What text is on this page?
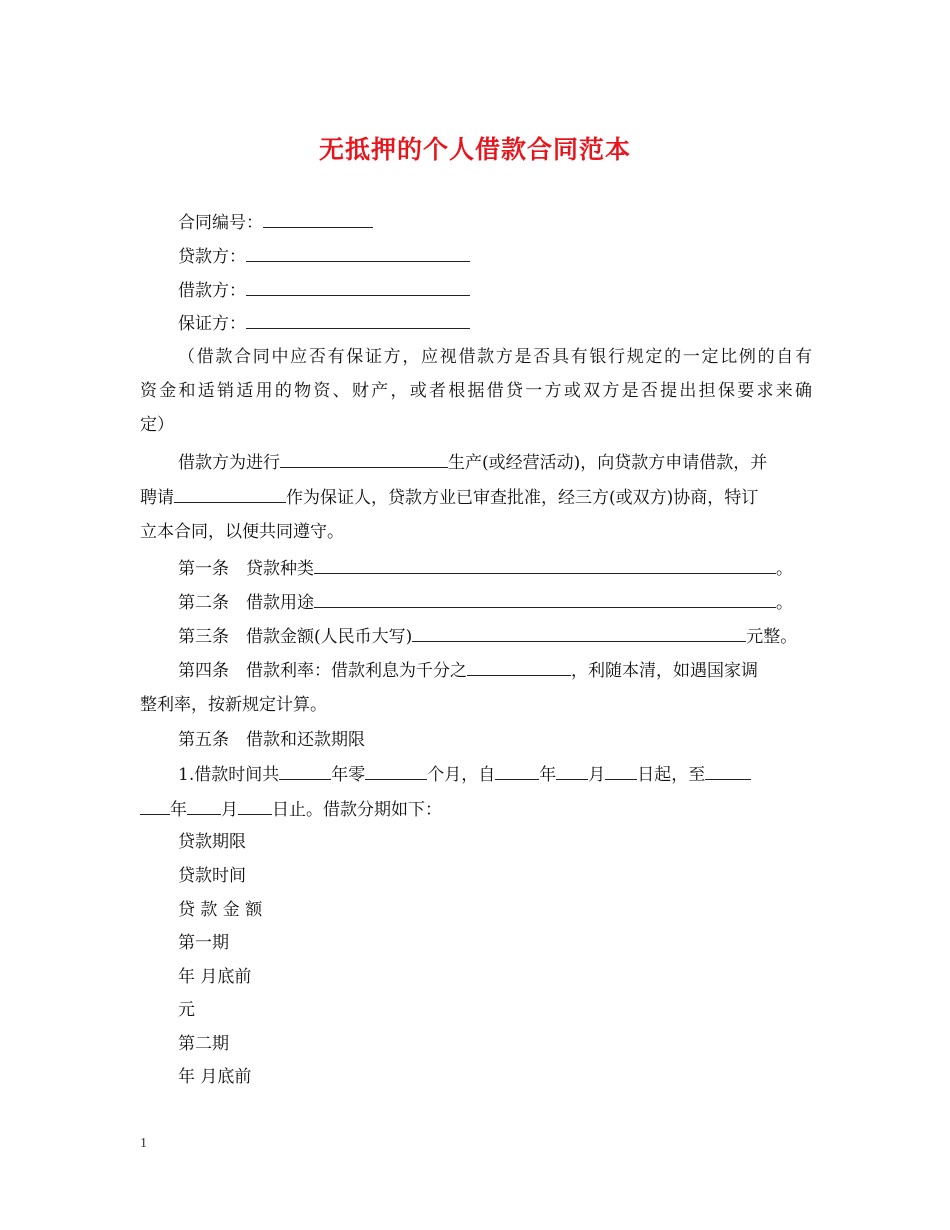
无抵押的个人借款合同范本
合同编号：
贷款方：
借款方：
保证方：
（借款合同中应否有保证方，应视借款方是否具有银行规定的一定比例的自有
资金和适销适用的物资、财产，或者根据借贷一方或双方是否提出担保要求来确
定）
借款方为进行	生产(或经营活动)，向贷款方申请借款，并
聘请	作为保证人，贷款方业已审查批准，经三方(或双方)协商，特订
立本合同，以便共同遵守。
第一条　贷款种类	。
第二条　借款用途	。
第三条　借款金额(人民币大写)	元整。
第四条　借款利率：借款利息为千分之	，利随本清，如遇国家调
整利率，按新规定计算。
第五条　借款和还款期限
1.借款时间共	年零	个月，自	年 月 日起，至
年 月 日止。借款分期如下：
贷款期限
贷款时间
贷 款 金 额
第一期
年 月底前
元
第二期
年 月底前
1
